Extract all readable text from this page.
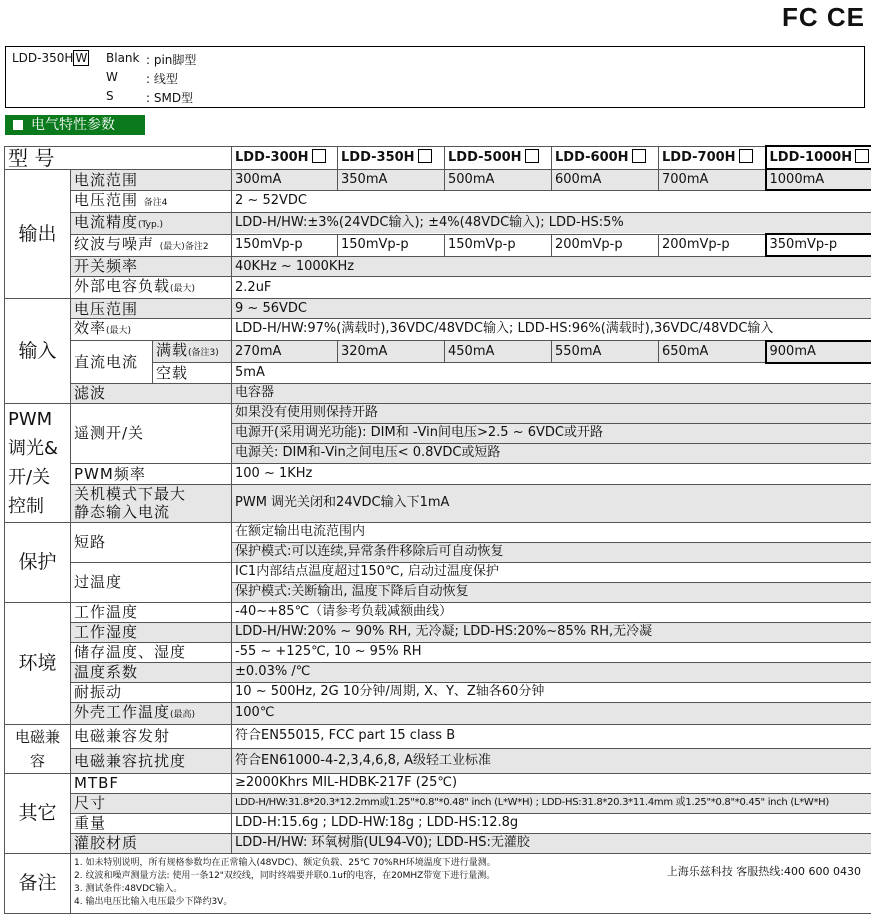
FC CE
LDD-350H W Blank : pin脚型
W	: 线型
S	: SMD型
电气特性参数
型 号			LDD-300H	LDD-350H	LDD-500H	LDD-600H	LDD-700H	LDD-1000H
输出	电流范围		300mA	350mA	500mA	600mA	700mA	1000mA
	电压范围 备注4		2 ~ 52VDC					
	电流精度(Typ.)		LDD-H/HW:±3%(24VDC输入); ±4%(48VDC输入); LDD-HS:5%					
	纹波与噪声 (最大)备注2		150mVp-p	150mVp-p	150mVp-p	200mVp-p	200mVp-p	350mVp-p
	开关频率		40KHz ~ 1000KHz					
	外部电容负载(最大)		2.2uF					
输入	电压范围		9 ~ 56VDC					
	效率(最大)		LDD-H/HW:97%(满载时),36VDC/48VDC输入; LDD-HS:96%(满载时),36VDC/48VDC输入					
	直流电流	满载(备注3)	270mA	320mA	450mA	550mA	650mA	900mA
		空载	5mA					
	滤波		电容器					

PWM
调光&
开/关
控制	遥测开/关		如果没有使用则保持开路					
			电源开(采用调光功能): DIM和 -Vin间电压>2.5 ~ 6VDC或开路					
			电源关: DIM和-Vin之间电压< 0.8VDC或短路					
	PWM频率		100 ~ 1KHz					

	关机模式下最大
静态输入电流		PWM 调光关闭和24VDC输入下1mA					
保护	短路		在额定输出电流范围内					
			保护模式:可以连续,异常条件移除后可自动恢复					
	过温度		IC1内部结点温度超过150℃, 启动过温度保护					
			保护模式:关断输出, 温度下降后自动恢复					
环境	工作温度		-40~+85℃（请参考负载减额曲线）					
	工作湿度		LDD-H/HW:20% ~ 90% RH, 无冷凝; LDD-HS:20%~85% RH,无冷凝					
	储存温度、湿度		-55 ~ +125℃, 10 ~ 95% RH					
	温度系数		±0.03% /℃					
	耐振动		10 ~ 500Hz, 2G 10分钟/周期, X、Y、Z轴各60分钟					
	外壳工作温度(最高)		100℃					
电磁兼容	电磁兼容发射		符合EN55015, FCC part 15 class B					
	电磁兼容抗扰度		符合EN61000-4-2,3,4,6,8, A级轻工业标准					
其它	MTBF		≥2000Khrs MIL-HDBK-217F (25℃)					
	尺寸		LDD-H/HW:31.8*20.3*12.2mm或1.25"*0.8"*0.48" inch (L*W*H) ; LDD-HS:31.8*20.3*11.4mm 或1.25"*0.8"*0.45" inch (L*W*H)					
	重量		LDD-H:15.6g ; LDD-HW:18g ; LDD-HS:12.8g					
	灌胶材质		LDD-H/HW: 环氧树脂(UL94-V0); LDD-HS:无灌胶					
备注	1. 如未特别说明，所有规格参数均在正常输入(48VDC)、额定负载、25℃ 70%RH环境温度下进行量测。
2. 纹波和噪声测量方法: 使用一条12"双绞线，同时终端要并联0.1uf的电容，在20MHZ带宽下进行量测。
3. 测试条件:48VDC输入。
4. 输出电压比输入电压最少下降约3V。							
上海乐兹科技 客服热线:400 600 0430
